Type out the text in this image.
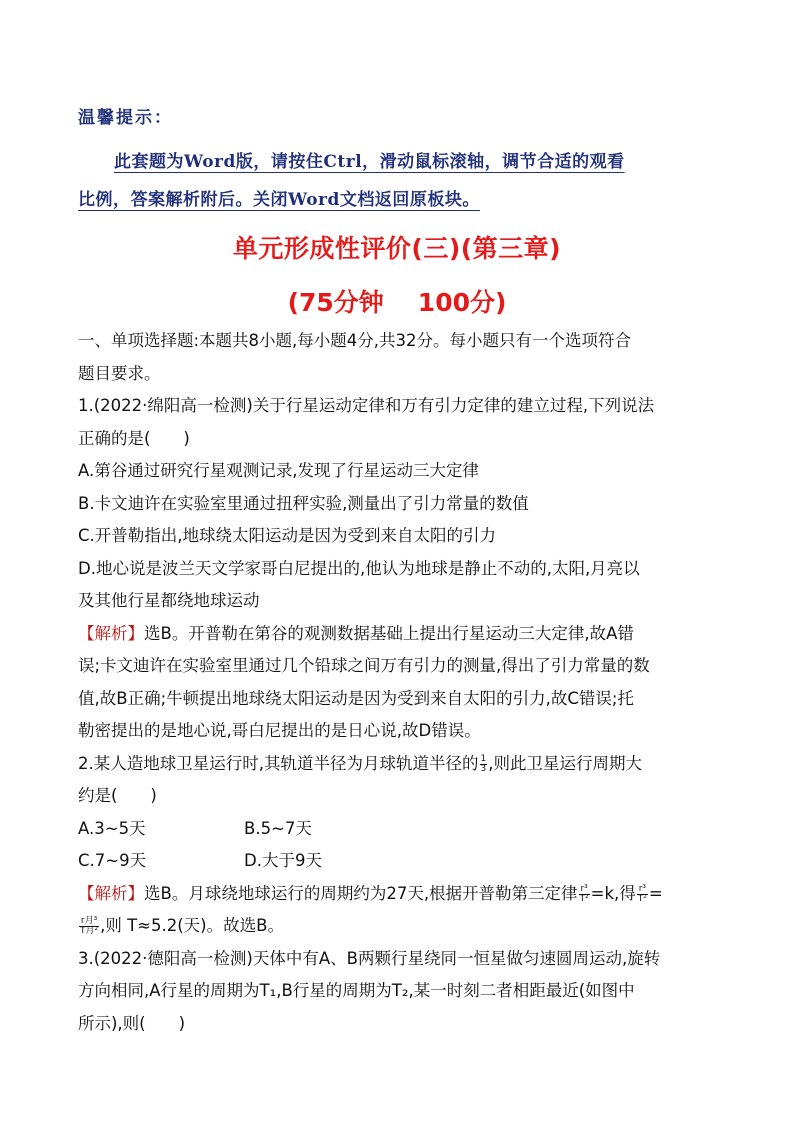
温馨提示：
此套题为Word版，请按住Ctrl，滑动鼠标滚轴，调节合适的观看
比例，答案解析附后。关闭Word文档返回原板块。
单元形成性评价(三)(第三章)
(75分钟 100分)
一、单项选择题:本题共8小题,每小题4分,共32分。每小题只有一个选项符合
题目要求。
1.(2022·绵阳高一检测)关于行星运动定律和万有引力定律的建立过程,下列说法
正确的是(　　)
A.第谷通过研究行星观测记录,发现了行星运动三大定律
B.卡文迪许在实验室里通过扭秤实验,测量出了引力常量的数值
C.开普勒指出,地球绕太阳运动是因为受到来自太阳的引力
D.地心说是波兰天文学家哥白尼提出的,他认为地球是静止不动的,太阳,月亮以
及其他行星都绕地球运动
【解析】选B。开普勒在第谷的观测数据基础上提出行星运动三大定律,故A错
误;卡文迪许在实验室里通过几个铅球之间万有引力的测量,得出了引力常量的数
值,故B正确;牛顿提出地球绕太阳运动是因为受到来自太阳的引力,故C错误;托
勒密提出的是地心说,哥白尼提出的是日心说,故D错误。
2.某人造地球卫星运行时,其轨道半径为月球轨道半径的 $\frac{1}{3}$ ,则此卫星运行周期大
约是(　　)
A.3~5天	B.5~7天
C.7~9天	D.大于9天
【解析】选B。月球绕地球运行的周期约为27天,根据开普勒第三定律 $\frac{\text{r³}}{\text{T²}} =k$,得 $\frac{\text{r³}}{\text{T²}}$ =
$\frac{\text{r月³}}{\text{T月²}}$ ,则 T≈5.2(天)。故选B。
3.(2022·德阳高一检测)天体中有A、B两颗行星绕同一恒星做匀速圆周运动,旋转
方向相同,A行星的周期为T₁,B行星的周期为T₂,某一时刻二者相距最近(如图中
所示),则(　　)
